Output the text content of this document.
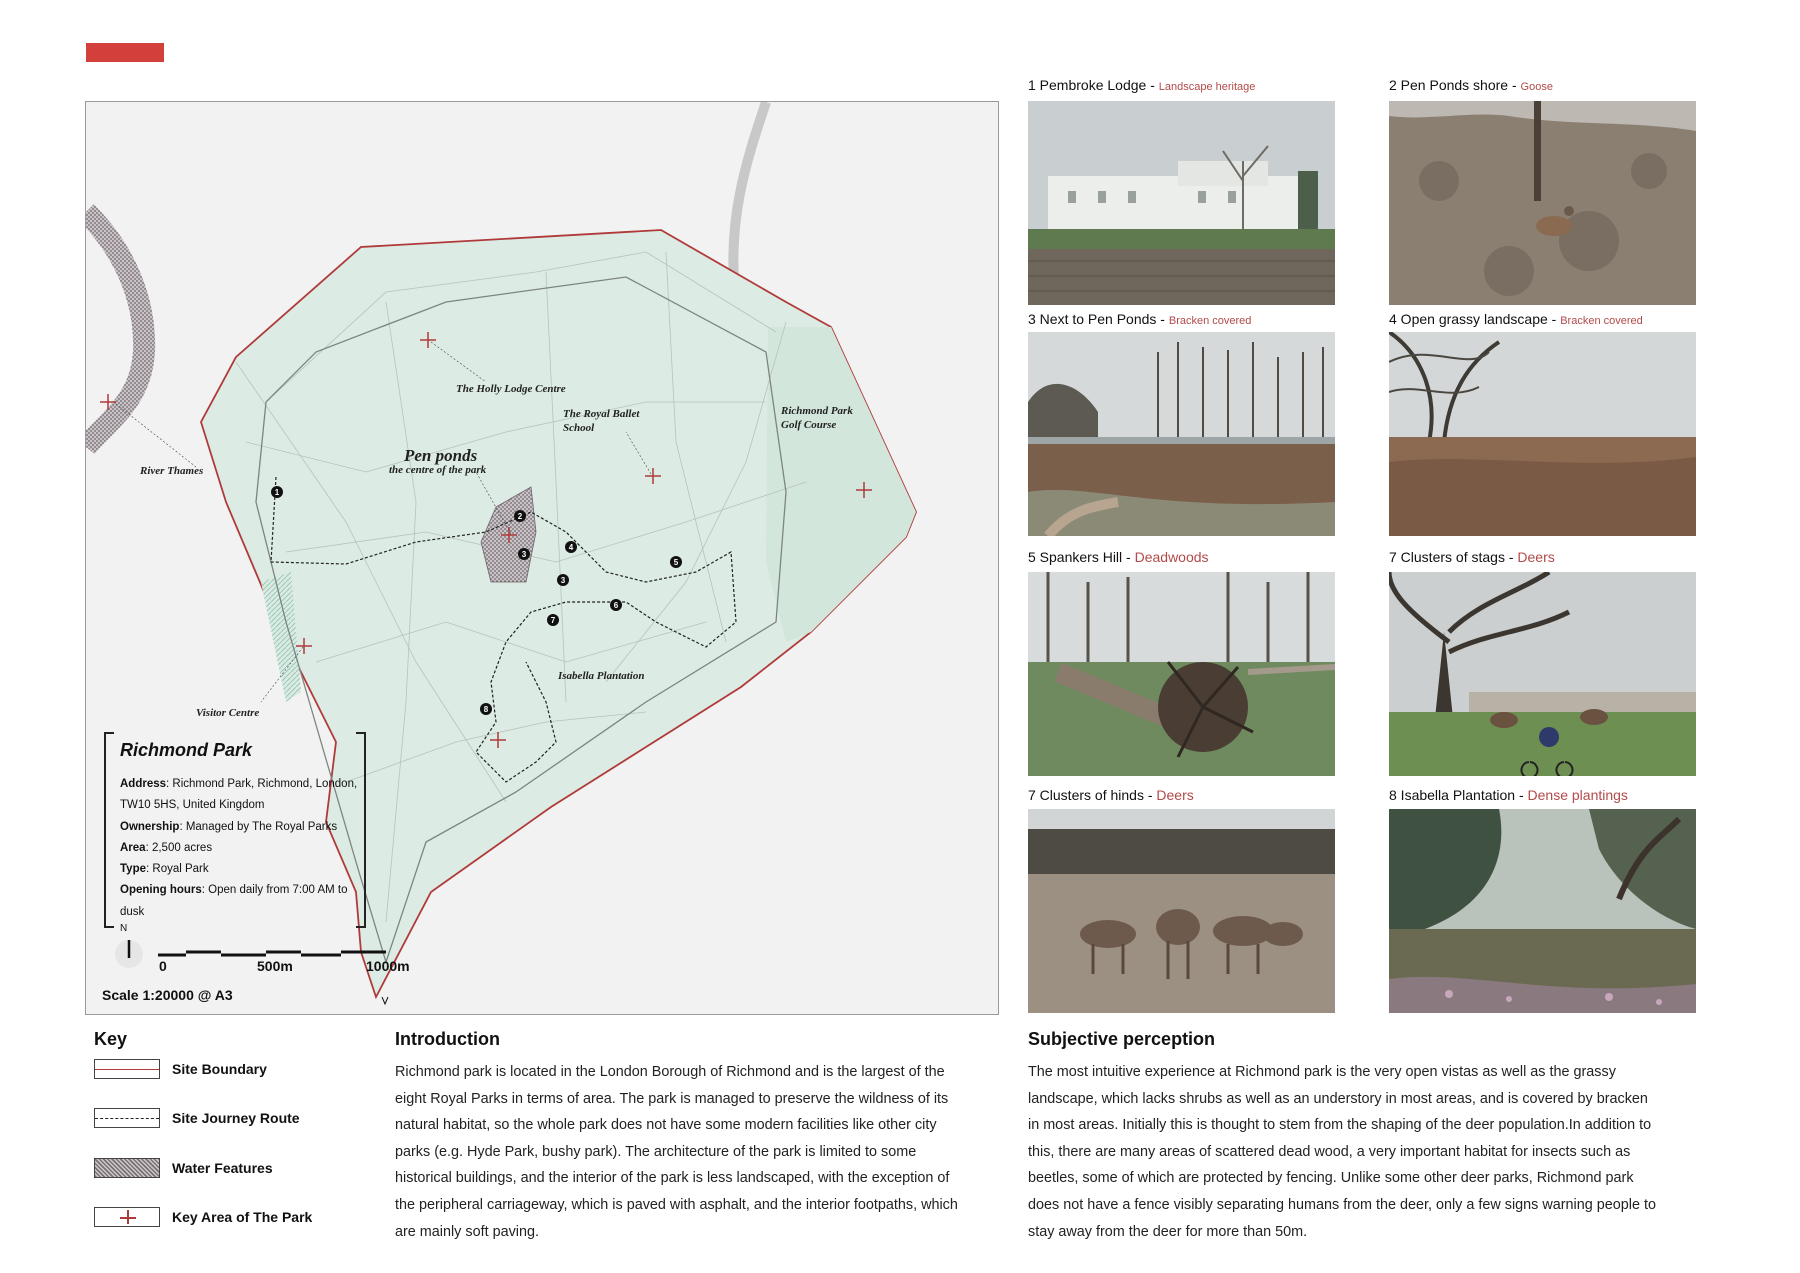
1
2
3
4
3
5
6
7
8
The Holly Lodge Centre
The Royal Ballet School
Richmond Park Golf Course
Pen ponds
the centre of the park
River Thames
Isabella Plantation
Visitor Centre
Richmond Park
Address: Richmond Park, Richmond, London,
TW10 5HS, United Kingdom
Ownership: Managed by The Royal Parks
Area: 2,500 acres
Type: Royal Park
Opening hours: Open daily from 7:00 AM to
dusk
N
0	500m	1000m
Scale 1:20000 @ A3
1 Pembroke Lodge - Landscape heritage	2 Pen Ponds shore - Goose
3 Next to Pen Ponds - Bracken covered	4 Open grassy landscape - Bracken covered
5 Spankers Hill - Deadwoods	7 Clusters of stags - Deers
7 Clusters of hinds - Deers	8 Isabella Plantation - Dense plantings
Key
Site Boundary
Site Journey Route
Water Features
Key Area of The Park
Introduction
Richmond park is located in the London Borough of Richmond and is the largest of the
eight Royal Parks in terms of area. The park is managed to preserve the wildness of its
natural habitat, so the whole park does not have some modern facilities like other city
parks (e.g. Hyde Park, bushy park). The architecture of the park is limited to some
historical buildings, and the interior of the park is less landscaped, with the exception of
the peripheral carriageway, which is paved with asphalt, and the interior footpaths, which
are mainly soft paving.
Subjective perception
The most intuitive experience at Richmond park is the very open vistas as well as the grassy
landscape, which lacks shrubs as well as an understory in most areas, and is covered by bracken
in most areas. Initially this is thought to stem from the shaping of the deer population.In addition to
this, there are many areas of scattered dead wood, a very important habitat for insects such as
beetles, some of which are protected by fencing. Unlike some other deer parks, Richmond park
does not have a fence visibly separating humans from the deer, only a few signs warning people to
stay away from the deer for more than 50m.
